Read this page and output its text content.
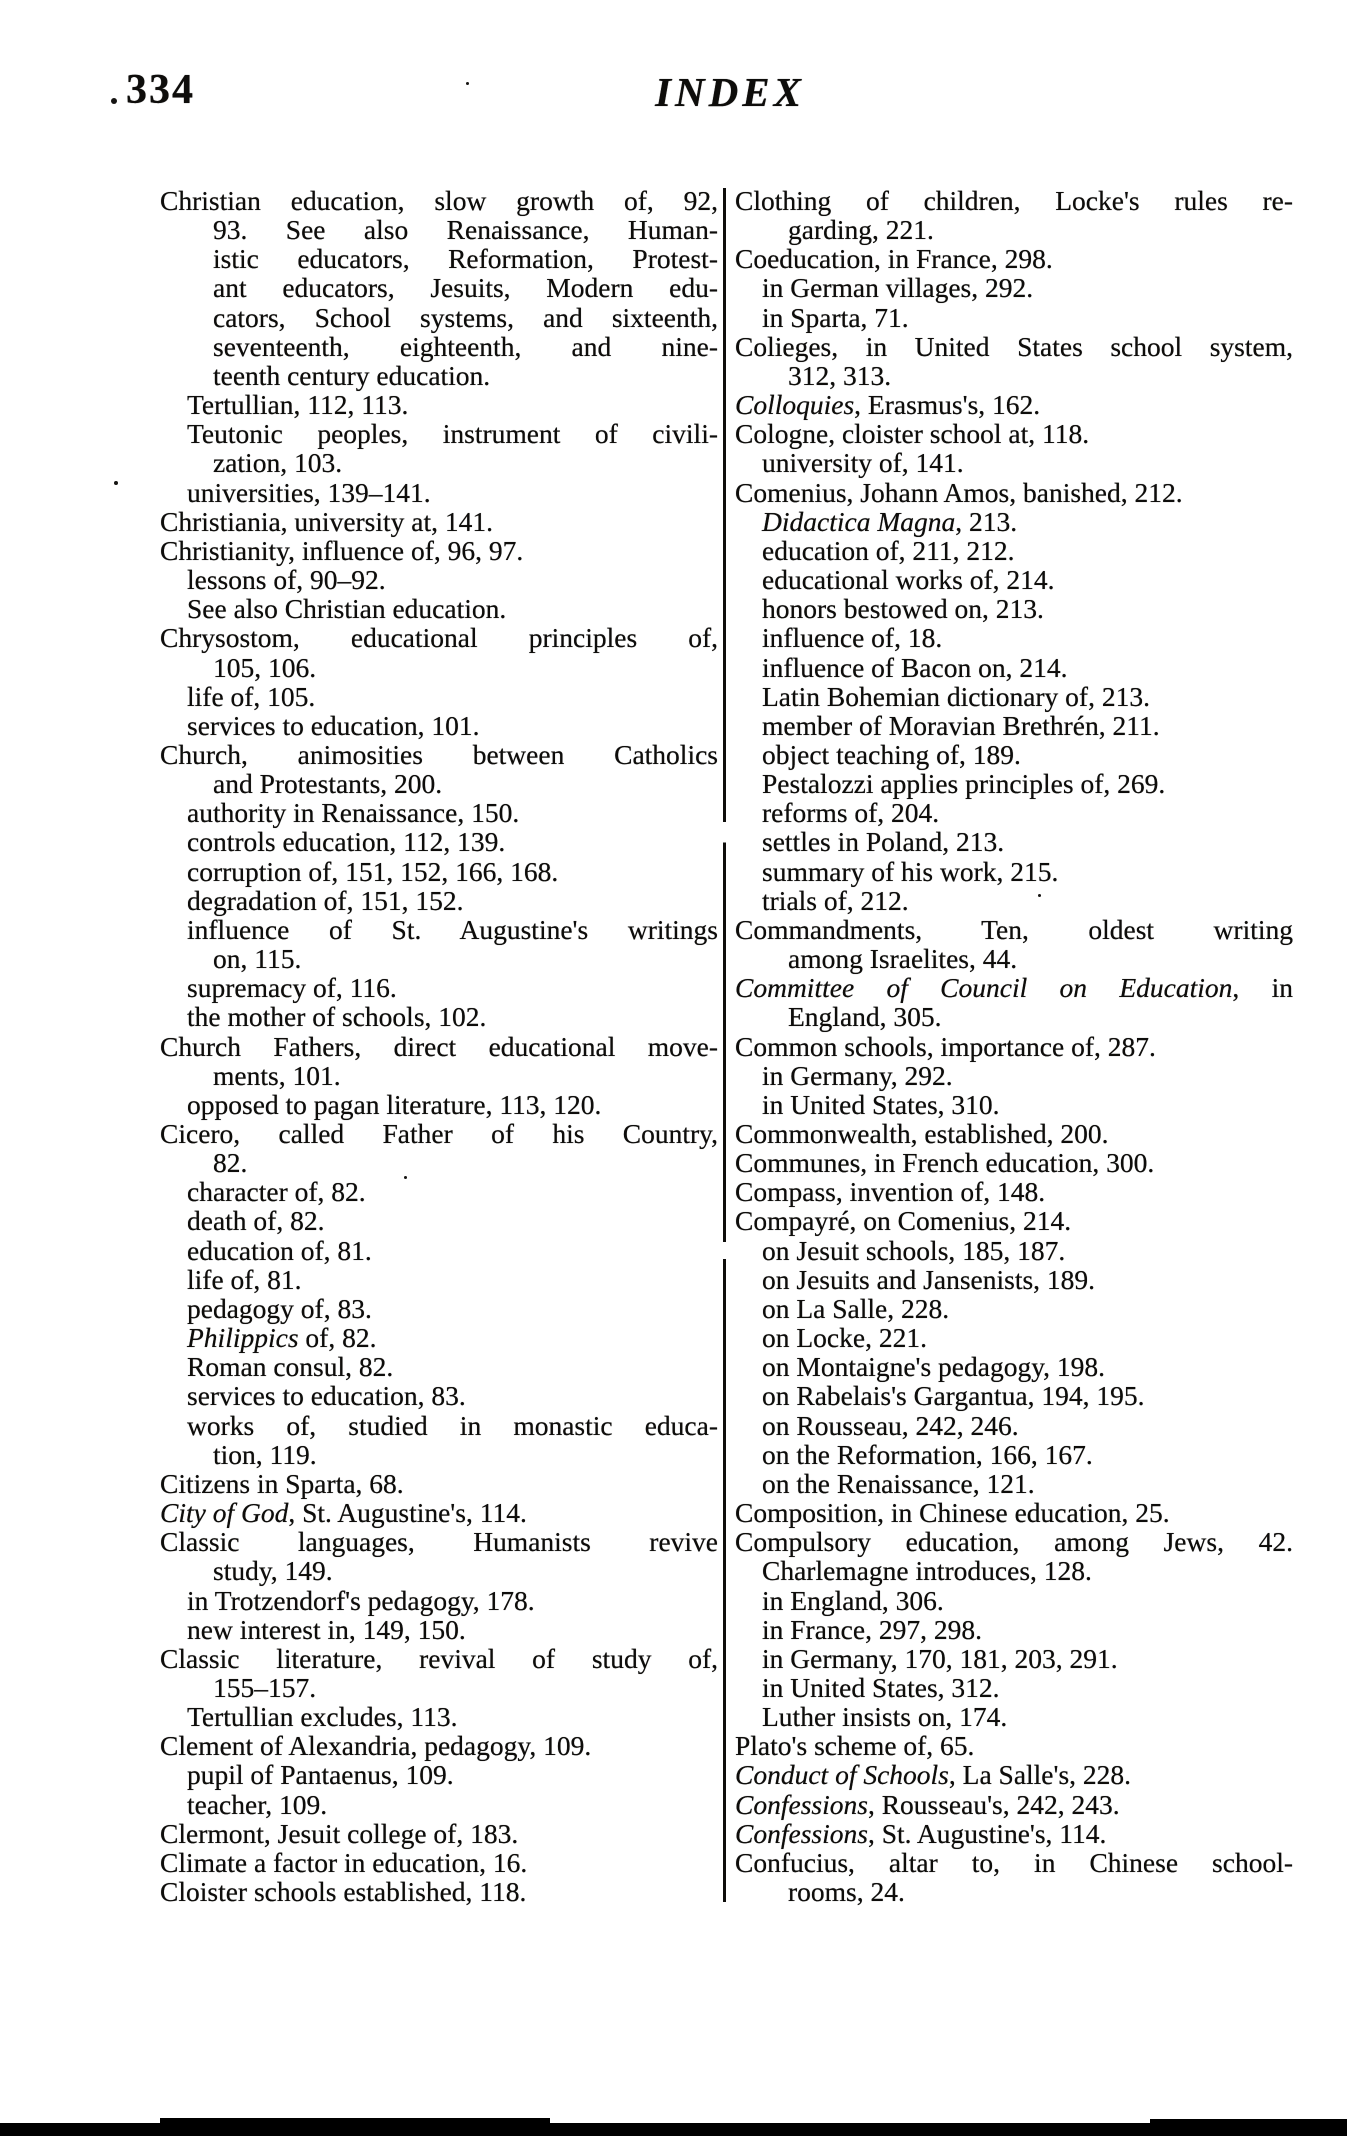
334	INDEX
Christian education, slow growth of, 92,
93. See also Renaissance, Human-
istic educators, Reformation, Protest-
ant educators, Jesuits, Modern edu-
cators, School systems, and sixteenth,
seventeenth, eighteenth, and nine-
teenth century education.
Tertullian, 112, 113.
Teutonic peoples, instrument of civili-
zation, 103.
universities, 139–141.
Christiania, university at, 141.
Christianity, influence of, 96, 97.
lessons of, 90–92.
See also Christian education.
Chrysostom, educational principles of,
105, 106.
life of, 105.
services to education, 101.
Church, animosities between Catholics
and Protestants, 200.
authority in Renaissance, 150.
controls education, 112, 139.
corruption of, 151, 152, 166, 168.
degradation of, 151, 152.
influence of St. Augustine's writings
on, 115.
supremacy of, 116.
the mother of schools, 102.
Church Fathers, direct educational move-
ments, 101.
opposed to pagan literature, 113, 120.
Cicero, called Father of his Country,
82.
character of, 82.
death of, 82.
education of, 81.
life of, 81.
pedagogy of, 83.
Philippics of, 82.
Roman consul, 82.
services to education, 83.
works of, studied in monastic educa-
tion, 119.
Citizens in Sparta, 68.
City of God, St. Augustine's, 114.
Classic languages, Humanists revive
study, 149.
in Trotzendorf's pedagogy, 178.
new interest in, 149, 150.
Classic literature, revival of study of,
155–157.
Tertullian excludes, 113.
Clement of Alexandria, pedagogy, 109.
pupil of Pantaenus, 109.
teacher, 109.
Clermont, Jesuit college of, 183.
Climate a factor in education, 16.
Cloister schools established, 118.
Clothing of children, Locke's rules re-
garding, 221.
Coeducation, in France, 298.
in German villages, 292.
in Sparta, 71.
Colieges, in United States school system,
312, 313.
Colloquies, Erasmus's, 162.
Cologne, cloister school at, 118.
university of, 141.
Comenius, Johann Amos, banished, 212.
Didactica Magna, 213.
education of, 211, 212.
educational works of, 214.
honors bestowed on, 213.
influence of, 18.
influence of Bacon on, 214.
Latin Bohemian dictionary of, 213.
member of Moravian Brethrén, 211.
object teaching of, 189.
Pestalozzi applies principles of, 269.
reforms of, 204.
settles in Poland, 213.
summary of his work, 215.
trials of, 212.
Commandments, Ten, oldest writing
among Israelites, 44.
Committee of Council on Education, in
England, 305.
Common schools, importance of, 287.
in Germany, 292.
in United States, 310.
Commonwealth, established, 200.
Communes, in French education, 300.
Compass, invention of, 148.
Compayré, on Comenius, 214.
on Jesuit schools, 185, 187.
on Jesuits and Jansenists, 189.
on La Salle, 228.
on Locke, 221.
on Montaigne's pedagogy, 198.
on Rabelais's Gargantua, 194, 195.
on Rousseau, 242, 246.
on the Reformation, 166, 167.
on the Renaissance, 121.
Composition, in Chinese education, 25.
Compulsory education, among Jews, 42.
Charlemagne introduces, 128.
in England, 306.
in France, 297, 298.
in Germany, 170, 181, 203, 291.
in United States, 312.
Luther insists on, 174.
Plato's scheme of, 65.
Conduct of Schools, La Salle's, 228.
Confessions, Rousseau's, 242, 243.
Confessions, St. Augustine's, 114.
Confucius, altar to, in Chinese school-
rooms, 24.
